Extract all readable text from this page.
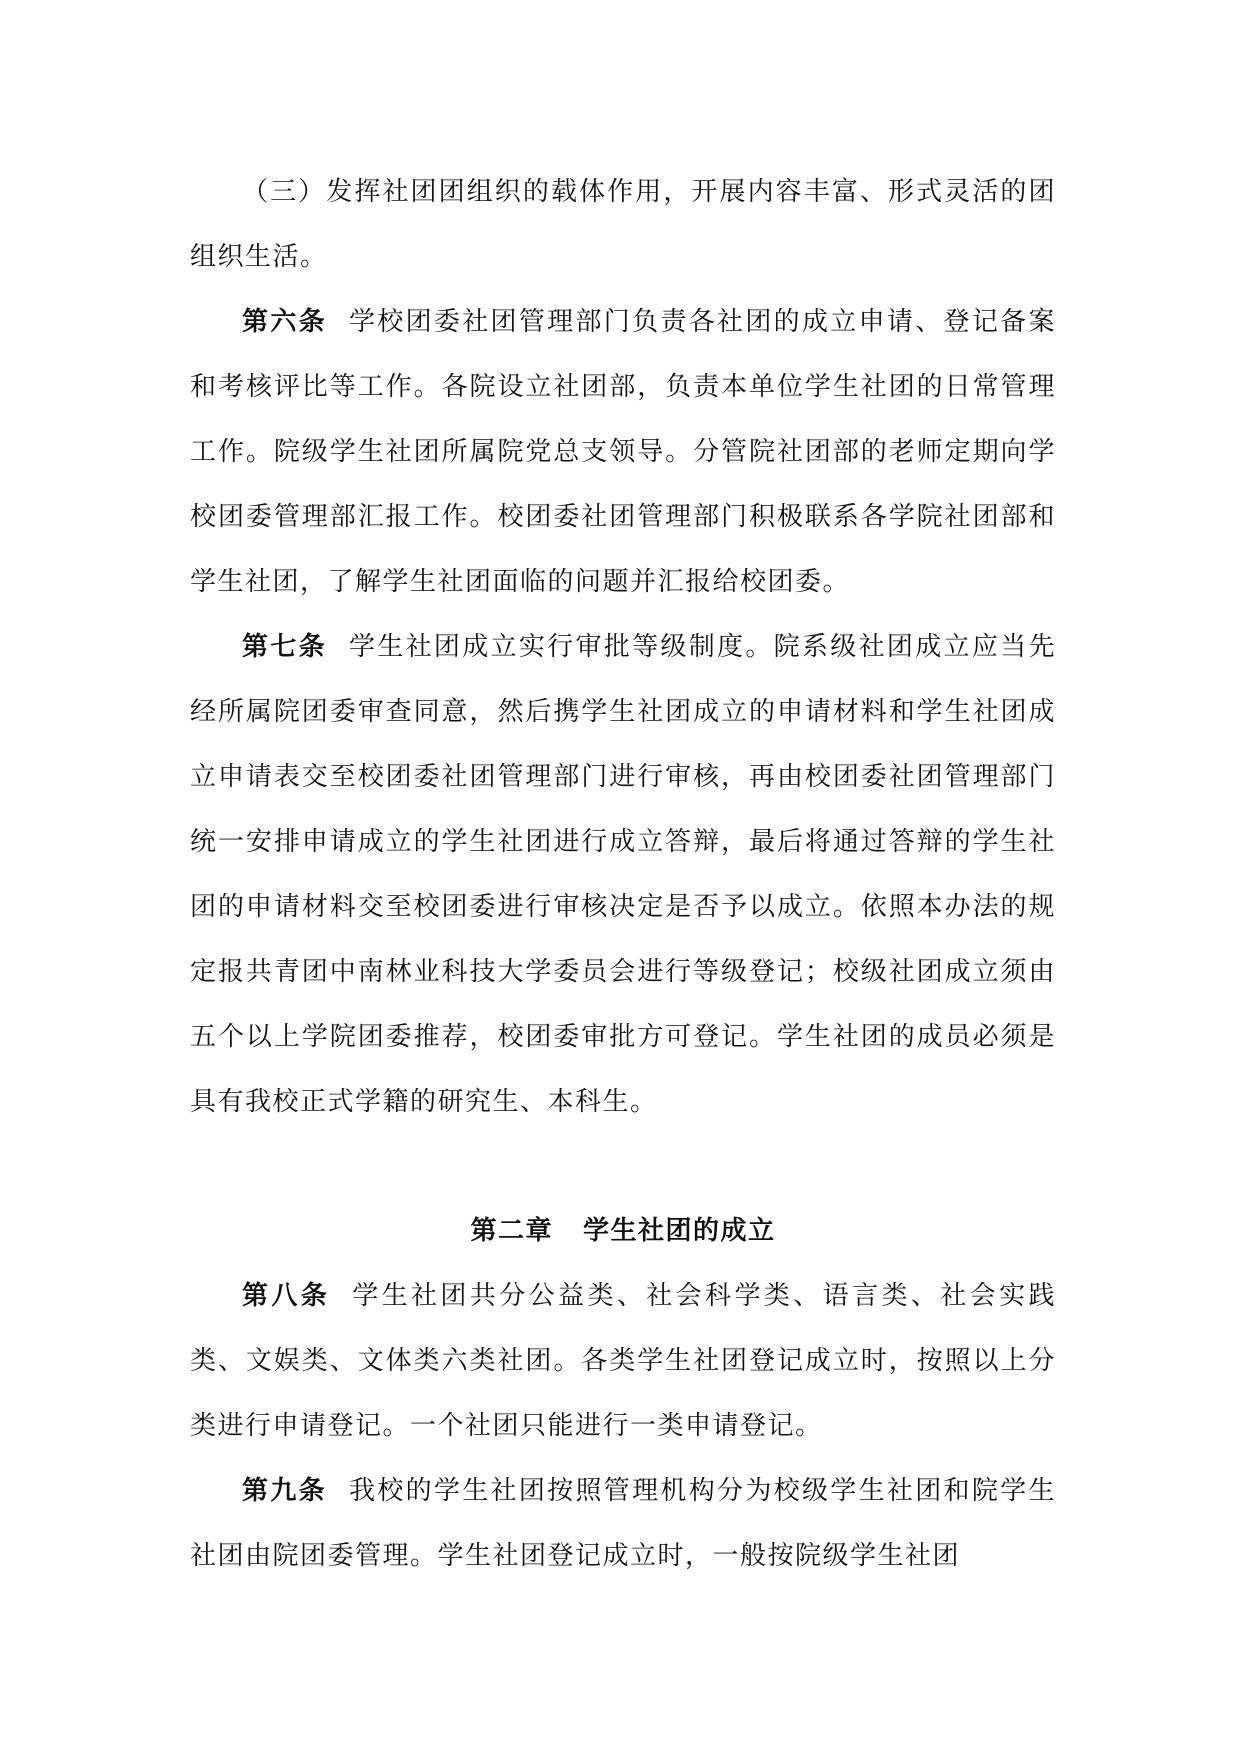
（三）发挥社团团组织的载体作用，开展内容丰富、形式灵活的团组织生活。

第六条 学校团委社团管理部门负责各社团的成立申请、登记备案和考核评比等工作。各院设立社团部，负责本单位学生社团的日常管理工作。院级学生社团所属院党总支领导。分管院社团部的老师定期向学校团委管理部汇报工作。校团委社团管理部门积极联系各学院社团部和学生社团，了解学生社团面临的问题并汇报给校团委。

第七条 学生社团成立实行审批等级制度。院系级社团成立应当先经所属院团委审查同意，然后携学生社团成立的申请材料和学生社团成立申请表交至校团委社团管理部门进行审核，再由校团委社团管理部门统一安排申请成立的学生社团进行成立答辩，最后将通过答辩的学生社团的申请材料交至校团委进行审核决定是否予以成立。依照本办法的规定报共青团中南林业科技大学委员会进行等级登记；校级社团成立须由五个以上学院团委推荐，校团委审批方可登记。学生社团的成员必须是具有我校正式学籍的研究生、本科生。

第二章 学生社团的成立

第八条 学生社团共分公益类、社会科学类、语言类、社会实践类、文娱类、文体类六类社团。各类学生社团登记成立时，按照以上分类进行申请登记。一个社团只能进行一类申请登记。

第九条 我校的学生社团按照管理机构分为校级学生社团和院学生社团由院团委管理。学生社团登记成立时，一般按院级学生社团
